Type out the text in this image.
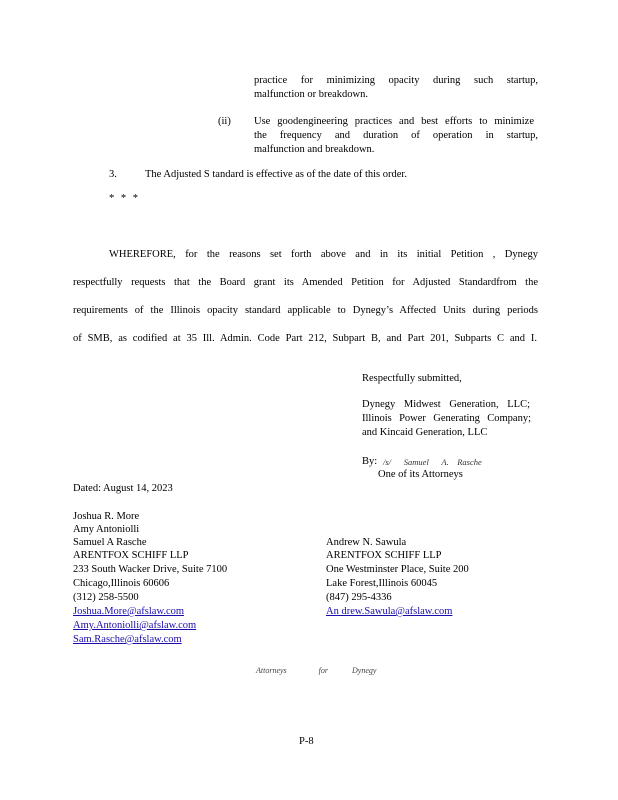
practice for minimizing opacity during such startup,
malfunction or breakdown.
(ii) Use goodengineering practices and best efforts to minimize
the frequency and duration of operation in startup,
malfunction and breakdown.
3.	The Adjusted S tandard is effective as of the date of this order.
* * *
WHEREFORE, for the reasons set forth above and in its initial Petition , Dynegy
respectfully requests that the Board grant its Amended Petition for Adjusted Standardfrom the
requirements of the Illinois opacity standard applicable to Dynegy’s Affected Units during periods
of SMB, as codified at 35 Ill. Admin. Code Part 212, Subpart B, and Part 201, Subparts C and I.
Respectfully submitted,
Dynegy Midwest Generation, LLC;
Illinois Power Generating Company;
and Kincaid Generation, LLC
By: /s/      Samuel      A.    Rasche
One of its Attorneys
Dated: August 14, 2023
Joshua R. More
Amy Antoniolli
Samuel A Rasche
ARENTFOX SCHIFF LLP
233 South Wacker Drive, Suite 7100
Chicago,Illinois 60606
(312) 258-5500
Joshua.More@afslaw.com
Amy.Antoniolli@afslaw.com
Sam.Rasche@afslaw.com
Andrew N. Sawula
ARENTFOX SCHIFF LLP
One Westminster Place, Suite 200
Lake Forest,Illinois 60045
(847) 295-4336
An drew.Sawula@afslaw.com
Attorneys    for   Dynegy
P-8
